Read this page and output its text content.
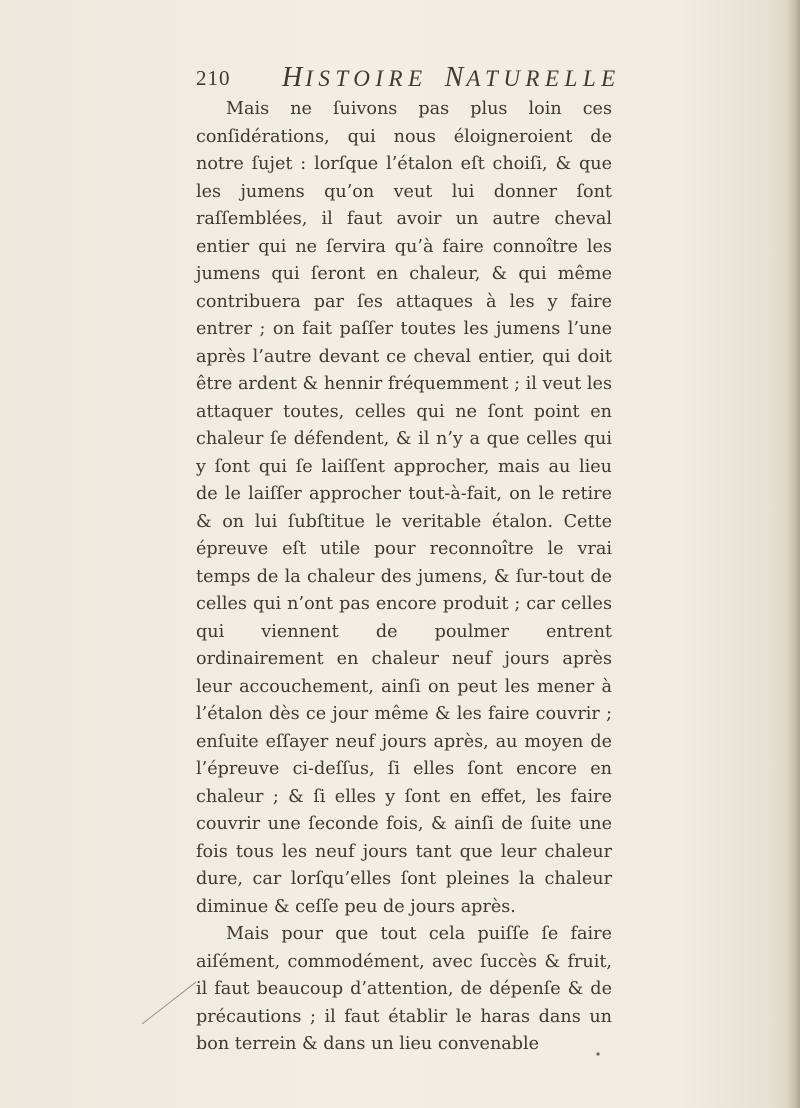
210 HISTOIRE  NATURELLE

Mais ne ſuivons pas plus loin ces conſidérations, qui nous éloigneroient de notre ſujet : lorſque l’étalon eſt choiſi, & que les jumens qu’on veut lui donner ſont raſſemblées, il faut avoir un autre cheval entier qui ne ſervira qu’à faire connoître les jumens qui ſeront en chaleur, & qui même contribuera par ſes attaques à les y faire entrer ; on fait paſſer toutes les jumens l’une après l’autre devant ce cheval entier, qui doit être ardent & hennir fréquemment ; il veut les attaquer toutes, celles qui ne ſont point en chaleur ſe défendent, & il n’y a que celles qui y ſont qui ſe laiſſent approcher, mais au lieu de le laiſſer approcher tout-à-fait, on le retire & on lui ſubſtitue le veritable étalon. Cette épreuve eſt utile pour reconnoître le vrai temps de la chaleur des jumens, & ſur-tout de celles qui n’ont pas encore produit ; car celles qui viennent de poulmer entrent ordinairement en chaleur neuf jours après leur accouchement, ainſi on peut les mener à l’étalon dès ce jour même & les faire couvrir ; enſuite eſſayer neuf jours après, au moyen de l’épreuve ci-deſſus, ſi elles ſont encore en chaleur ; & ſi elles y ſont en effet, les faire couvrir une ſeconde fois, & ainſi de ſuite une fois tous les neuf jours tant que leur chaleur dure, car lorſqu’elles ſont pleines la chaleur diminue & ceſſe peu de jours après.

Mais pour que tout cela puiſſe ſe faire aiſément, commodément, avec ſuccès & fruit, il faut beaucoup d’attention, de dépenſe & de précautions ; il faut établir le haras dans un bon terrein & dans un lieu convenable
